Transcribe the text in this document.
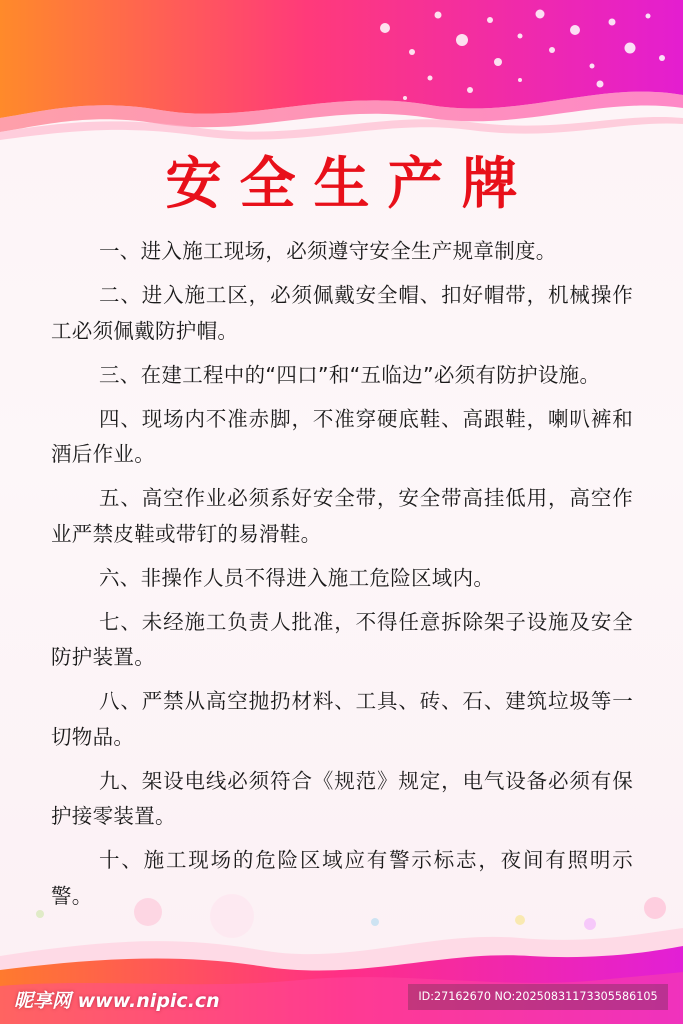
安全生产牌
一、进入施工现场，必须遵守安全生产规章制度。
二、进入施工区，必须佩戴安全帽、扣好帽带，机械操作工必须佩戴防护帽。
三、在建工程中的“四口”和“五临边”必须有防护设施。
四、现场内不准赤脚，不准穿硬底鞋、高跟鞋，喇叭裤和酒后作业。
五、高空作业必须系好安全带，安全带高挂低用，高空作业严禁皮鞋或带钉的易滑鞋。
六、非操作人员不得进入施工危险区域内。
七、未经施工负责人批准，不得任意拆除架子设施及安全防护装置。
八、严禁从高空抛扔材料、工具、砖、石、建筑垃圾等一切物品。
九、架设电线必须符合《规范》规定，电气设备必须有保护接零装置。
十、施工现场的危险区域应有警示标志，夜间有照明示警。
昵享网 www.nipic.cn	ID:27162670 NO:20250831173305586105
